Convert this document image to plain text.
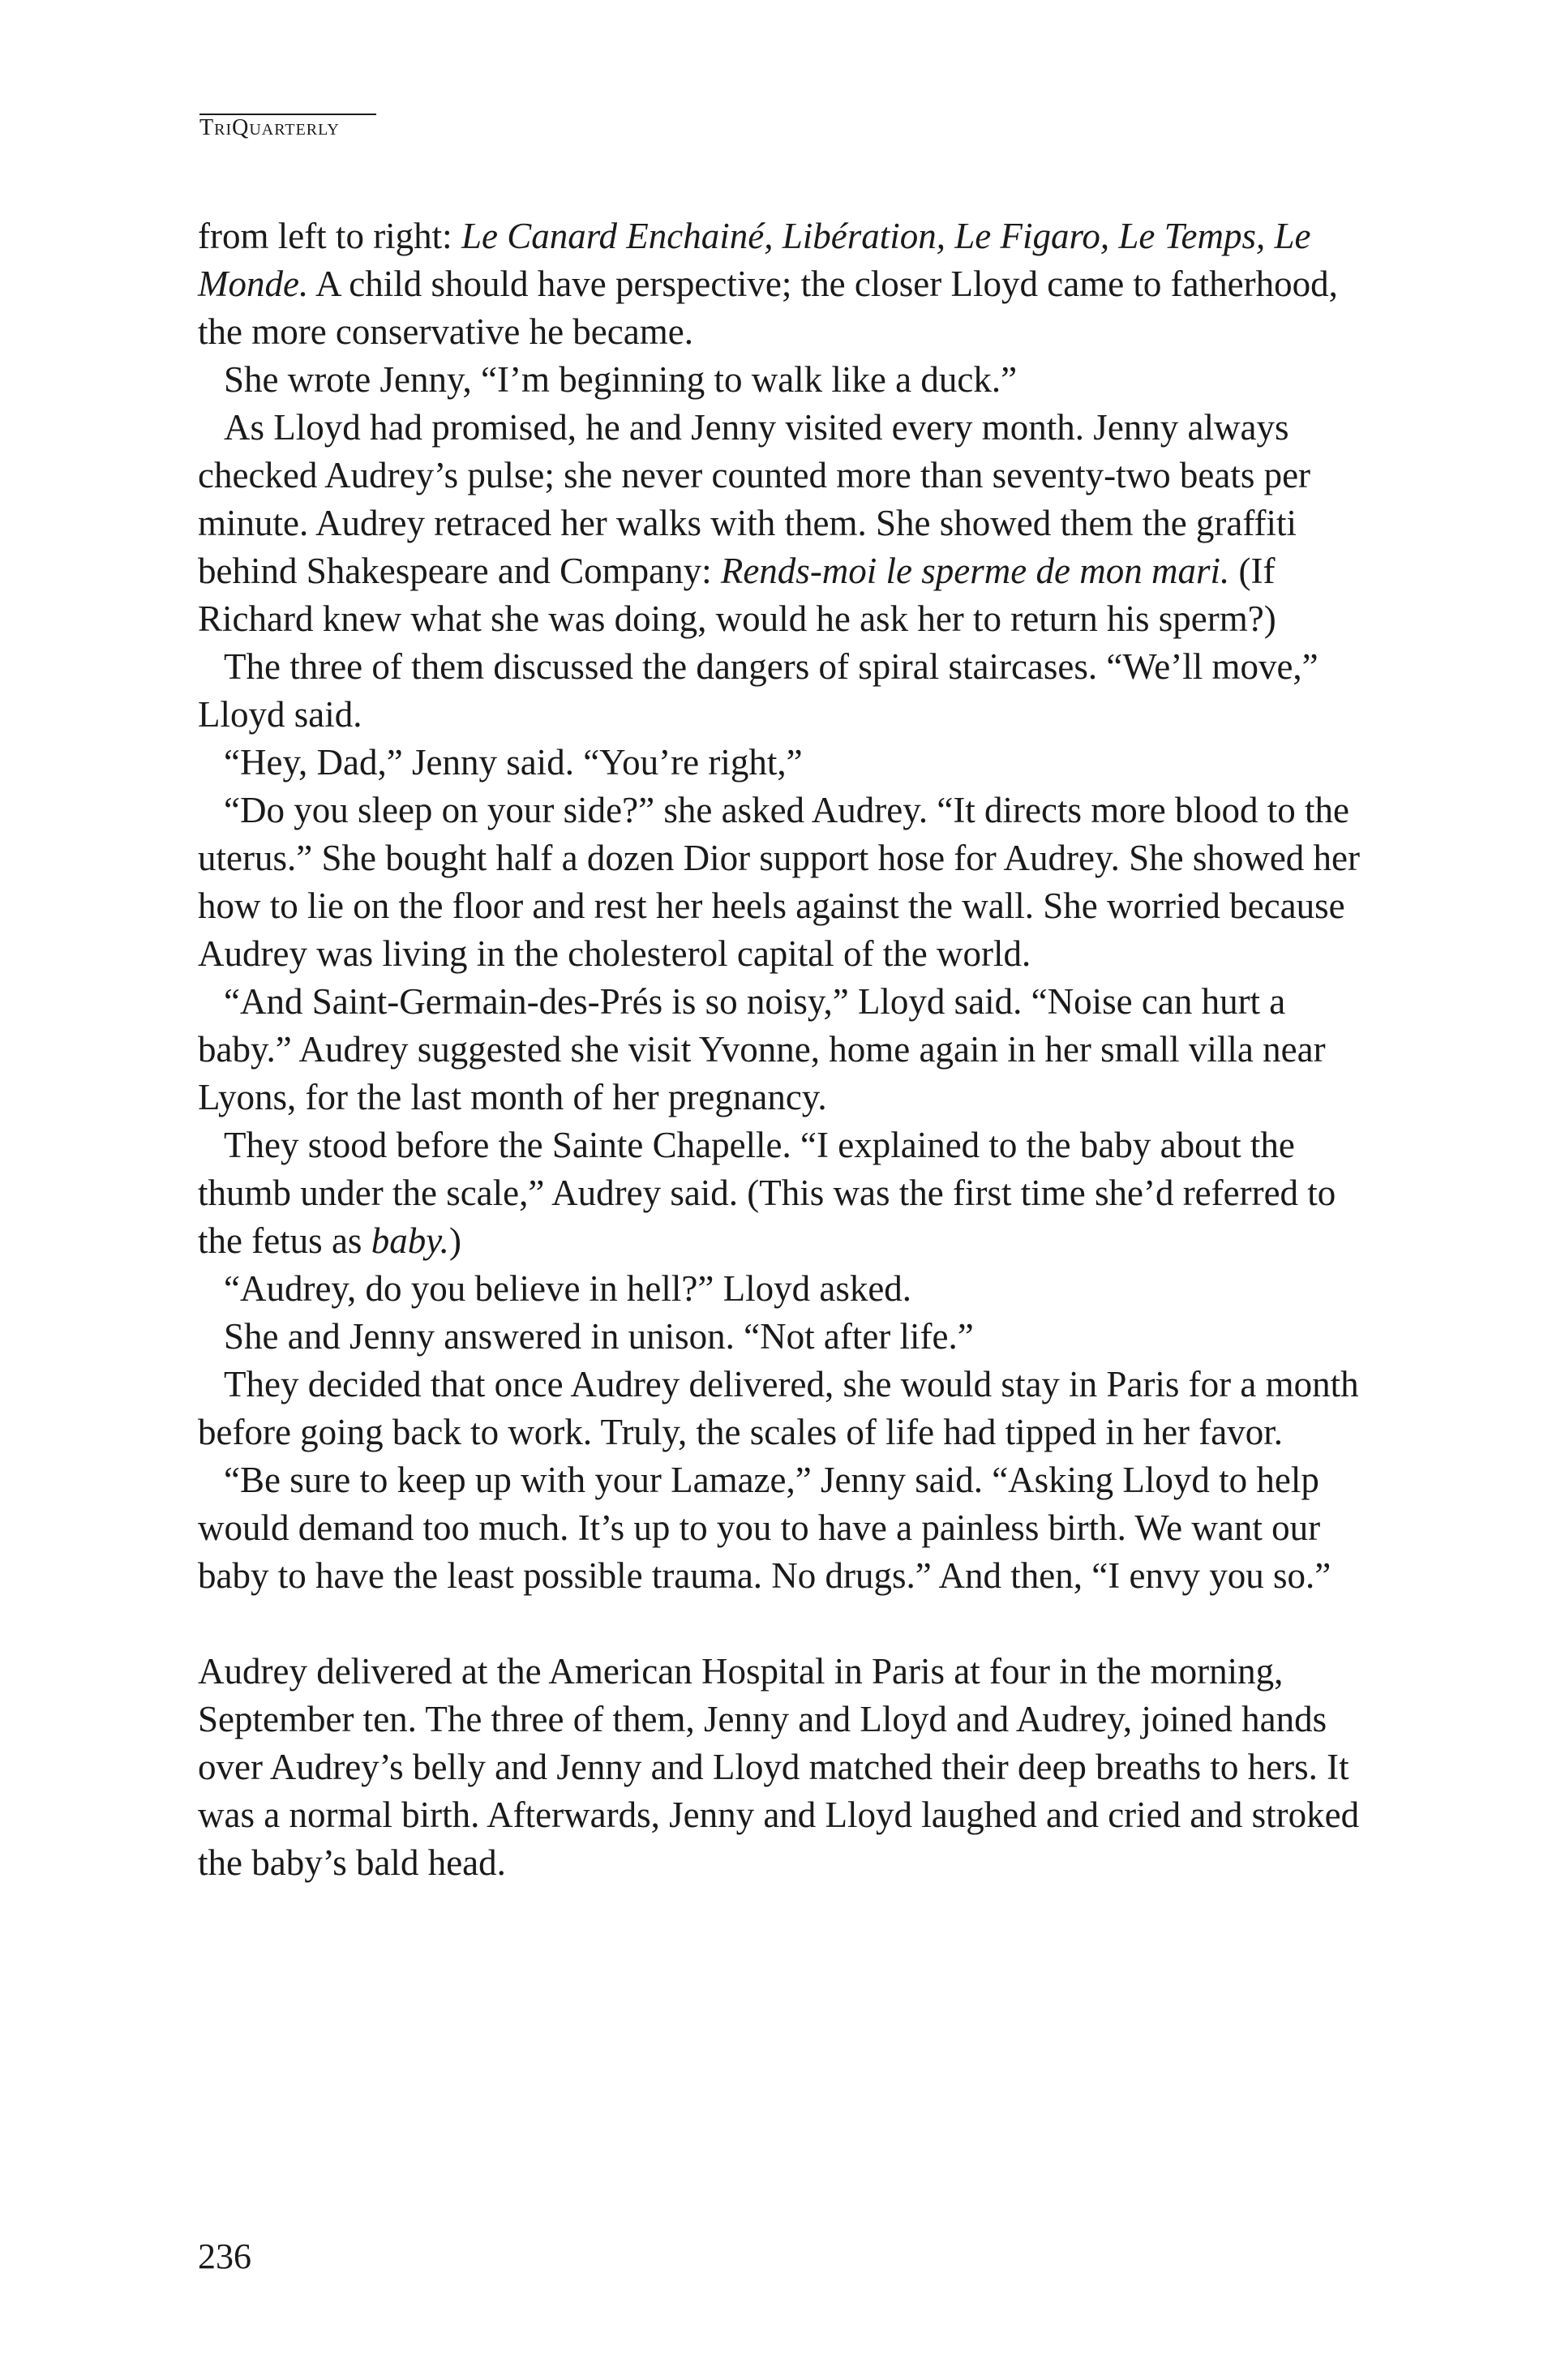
TriQuarterly

from left to right: Le Canard Enchainé, Libération, Le Figaro, Le Temps, Le Monde. A child should have perspective; the closer Lloyd came to fatherhood, the more conservative he became.

She wrote Jenny, “I’m beginning to walk like a duck.”

As Lloyd had promised, he and Jenny visited every month. Jenny always checked Audrey’s pulse; she never counted more than seventy-two beats per minute. Audrey retraced her walks with them. She showed them the graffiti behind Shakespeare and Company: Rends-moi le sperme de mon mari. (If Richard knew what she was doing, would he ask her to return his sperm?)

The three of them discussed the dangers of spiral staircases. “We’ll move,” Lloyd said.

“Hey, Dad,” Jenny said. “You’re right,”

“Do you sleep on your side?” she asked Audrey. “It directs more blood to the uterus.” She bought half a dozen Dior support hose for Audrey. She showed her how to lie on the floor and rest her heels against the wall. She worried because Audrey was living in the cholesterol capital of the world.

“And Saint-Germain-des-Prés is so noisy,” Lloyd said. “Noise can hurt a baby.” Audrey suggested she visit Yvonne, home again in her small villa near Lyons, for the last month of her pregnancy.

They stood before the Sainte Chapelle. “I explained to the baby about the thumb under the scale,” Audrey said. (This was the first time she’d referred to the fetus as baby.)

“Audrey, do you believe in hell?” Lloyd asked.

She and Jenny answered in unison. “Not after life.”

They decided that once Audrey delivered, she would stay in Paris for a month before going back to work. Truly, the scales of life had tipped in her favor.

“Be sure to keep up with your Lamaze,” Jenny said. “Asking Lloyd to help would demand too much. It’s up to you to have a painless birth. We want our baby to have the least possible trauma. No drugs.” And then, “I envy you so.”

Audrey delivered at the American Hospital in Paris at four in the morning, September ten. The three of them, Jenny and Lloyd and Audrey, joined hands over Audrey’s belly and Jenny and Lloyd matched their deep breaths to hers. It was a normal birth. Afterwards, Jenny and Lloyd laughed and cried and stroked the baby’s bald head.

236
